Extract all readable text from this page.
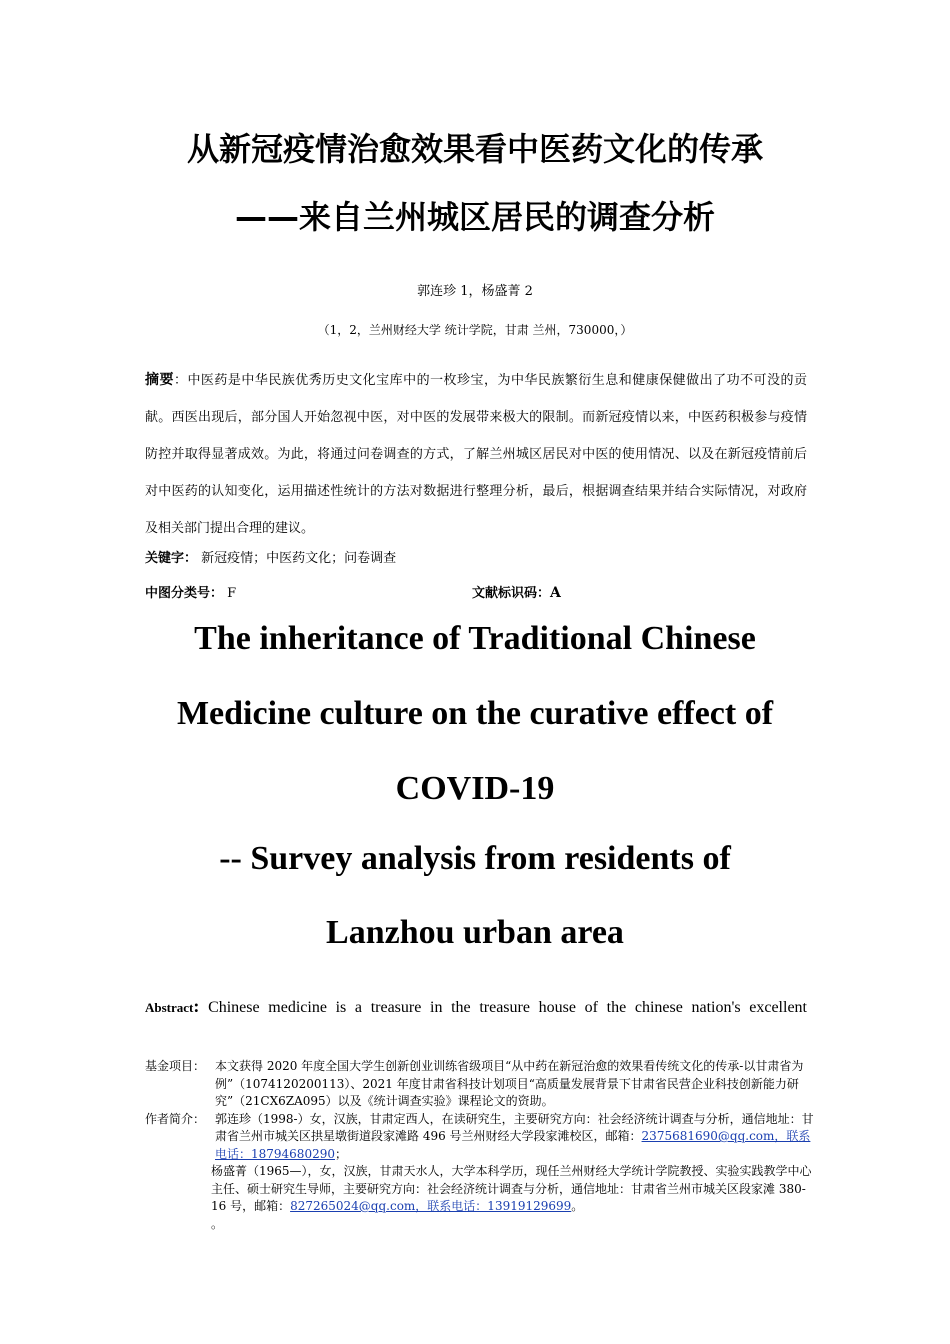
从新冠疫情治愈效果看中医药文化的传承
——来自兰州城区居民的调查分析
郭连珍 1，杨盛菁 2
（1，2，兰州财经大学 统计学院，甘肃 兰州，730000，）
摘要：中医药是中华民族优秀历史文化宝库中的一枚珍宝，为中华民族繁衍生息和健康保健做出了功不可没的贡献。西医出现后，部分国人开始忽视中医，对中医的发展带来极大的限制。而新冠疫情以来，中医药积极参与疫情防控并取得显著成效。为此，将通过问卷调查的方式，了解兰州城区居民对中医的使用情况、以及在新冠疫情前后对中医药的认知变化，运用描述性统计的方法对数据进行整理分析，最后，根据调查结果并结合实际情况，对政府及相关部门提出合理的建议。
关键字： 新冠疫情；中医药文化；问卷调查
中图分类号： F	文献标识码：A
The inheritance of Traditional Chinese
Medicine culture on the curative effect of
COVID-19
-- Survey analysis from residents of
Lanzhou urban area
Abstract: Chinese medicine is a treasure in the treasure house of the chinese nation's excellent
基金项目： 本文获得 2020 年度全国大学生创新创业训练省级项目“从中药在新冠治愈的效果看传统文化的传承-以甘肃省为例”（1074120200113）、2021 年度甘肃省科技计划项目“高质量发展背景下甘肃省民营企业科技创新能力研究”（21CX6ZA095）以及《统计调查实验》课程论文的资助。
作者简介： 郭连珍（1998-）女，汉族，甘肃定西人，在读研究生，主要研究方向：社会经济统计调查与分析，通信地址：甘肃省兰州市城关区拱星墩街道段家滩路 496 号兰州财经大学段家滩校区，邮箱：2375681690@qq.com，联系电话：18794680290；
杨盛菁（1965—），女，汉族，甘肃天水人，大学本科学历，现任兰州财经大学统计学院教授、实验实践教学中心主任、硕士研究生导师，主要研究方向：社会经济统计调查与分析，通信地址：甘肃省兰州市城关区段家滩 380-16 号，邮箱：827265024@qq.com，联系电话：13919129699。
。
